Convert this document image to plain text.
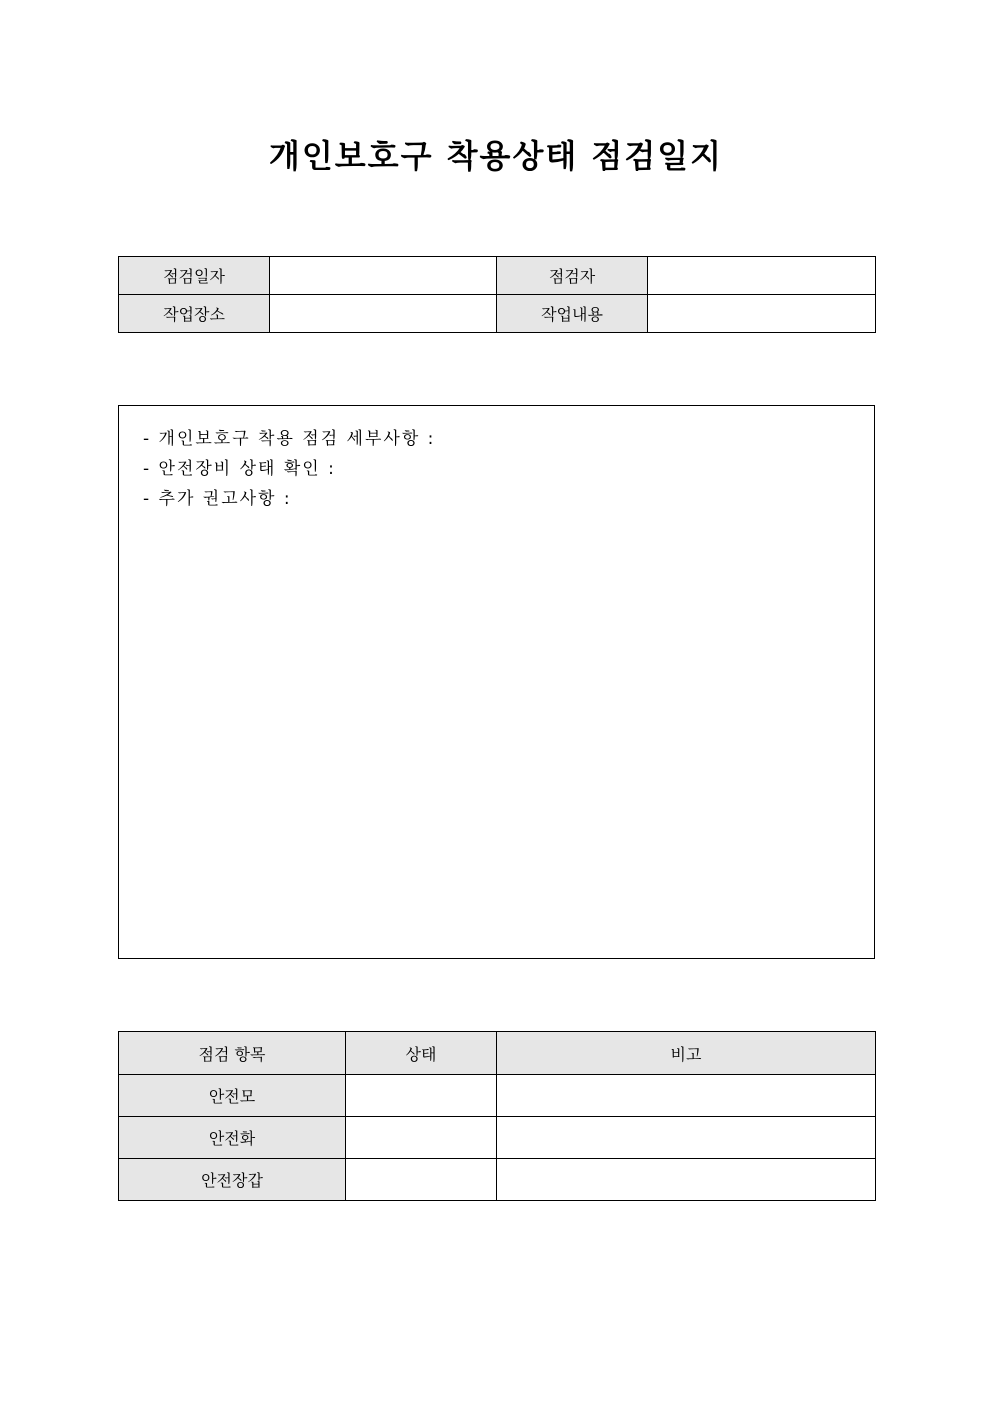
개인보호구 착용상태 점검일지
점검일자		점검자	
작업장소		작업내용	
- 개인보호구 착용 점검 세부사항 :
- 안전장비 상태 확인 :
- 추가 권고사항 :
점검 항목	상태	비고
안전모		
안전화		
안전장갑		
